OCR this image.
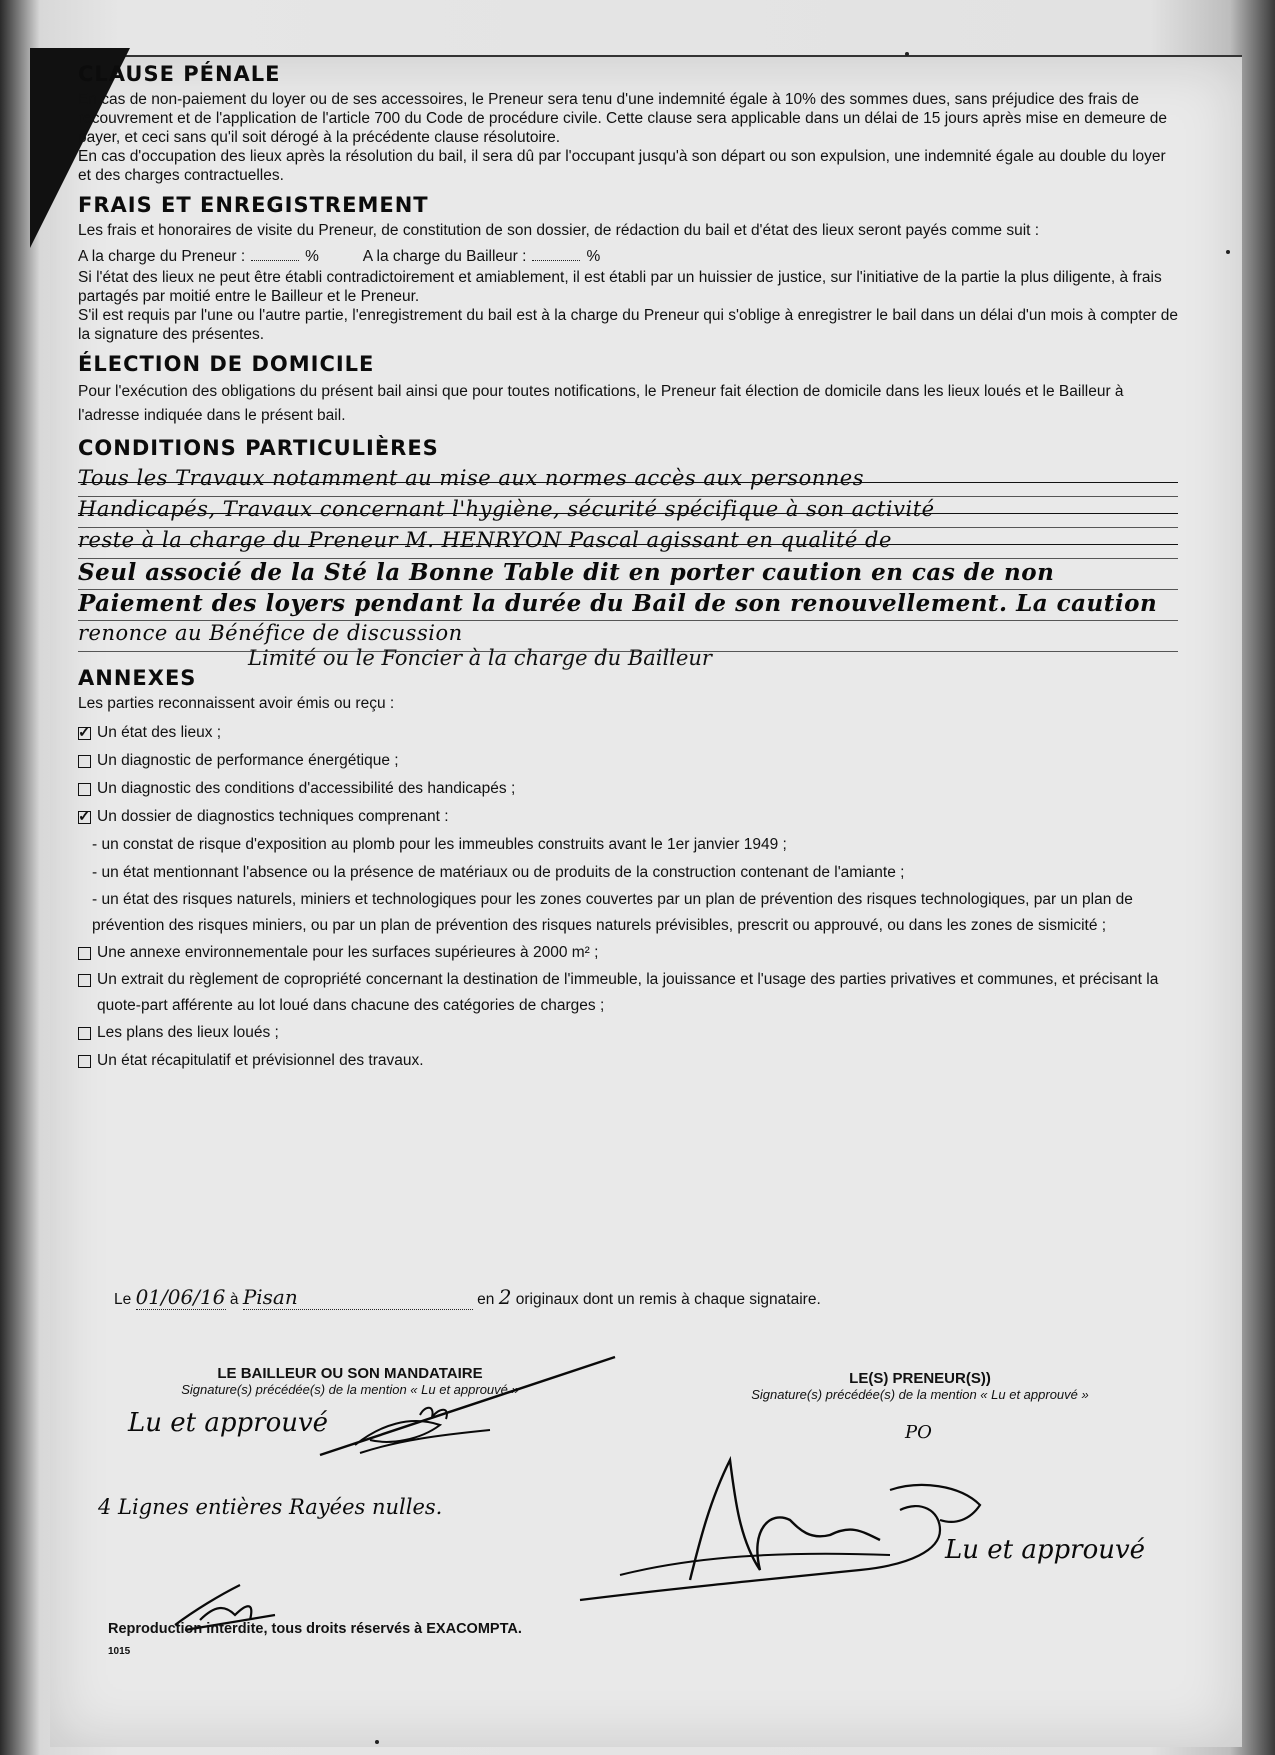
CLAUSE PÉNALE

En cas de non-paiement du loyer ou de ses accessoires, le Preneur sera tenu d'une indemnité égale à 10% des sommes dues, sans préjudice des frais de recouvrement et de l'application de l'article 700 du Code de procédure civile. Cette clause sera applicable dans un délai de 15 jours après mise en demeure de payer, et ceci sans qu'il soit dérogé à la précédente clause résolutoire.

En cas d'occupation des lieux après la résolution du bail, il sera dû par l'occupant jusqu'à son départ ou son expulsion, une indemnité égale au double du loyer et des charges contractuelles.

FRAIS ET ENREGISTREMENT

Les frais et honoraires de visite du Preneur, de constitution de son dossier, de rédaction du bail et d'état des lieux seront payés comme suit :

A la charge du Preneur :	%	A la charge du Bailleur :	%

Si l'état des lieux ne peut être établi contradictoirement et amiablement, il est établi par un huissier de justice, sur l'initiative de la partie la plus diligente, à frais partagés par moitié entre le Bailleur et le Preneur.

S'il est requis par l'une ou l'autre partie, l'enregistrement du bail est à la charge du Preneur qui s'oblige à enregistrer le bail dans un délai d'un mois à compter de la signature des présentes.

ÉLECTION DE DOMICILE

Pour l'exécution des obligations du présent bail ainsi que pour toutes notifications, le Preneur fait élection de domicile dans les lieux loués et le Bailleur à l'adresse indiquée dans le présent bail.

CONDITIONS PARTICULIÈRES
Tous les Travaux notamment au mise aux normes accès aux personnes
Handicapés, Travaux concernant l'hygiène, sécurité spécifique à son activité
reste à la charge du Preneur M. HENRYON Pascal agissant en qualité de
Seul associé de la Sté la Bonne Table dit en porter caution en cas de non
Paiement des loyers pendant la durée du Bail de son renouvellement. La caution
renonce au Bénéfice de discussion
Limité ou le Foncier à la charge du Bailleur
ANNEXES

Les parties reconnaissent avoir émis ou reçu :

✓
Un état des lieux ;
Un diagnostic de performance énergétique ;
Un diagnostic des conditions d'accessibilité des handicapés ;
✓
Un dossier de diagnostics techniques comprenant :
- un constat de risque d'exposition au plomb pour les immeubles construits avant le 1er janvier 1949 ;
- un état mentionnant l'absence ou la présence de matériaux ou de produits de la construction contenant de l'amiante ;
- un état des risques naturels, miniers et technologiques pour les zones couvertes par un plan de prévention des risques technologiques, par un plan de prévention des risques miniers, ou par un plan de prévention des risques naturels prévisibles, prescrit ou approuvé, ou dans les zones de sismicité ;
Une annexe environnementale pour les surfaces supérieures à 2000 m² ;
Un extrait du règlement de copropriété concernant la destination de l'immeuble, la jouissance et l'usage des parties privatives et communes, et précisant la quote-part afférente au lot loué dans chacune des catégories de charges ;
Les plans des lieux loués ;
Un état récapitulatif et prévisionnel des travaux.
Le 01/06/16 à Pisan	en 2 originaux dont un remis à chaque signataire.
LE BAILLEUR OU SON MANDATAIRE
Signature(s) précédée(s) de la mention « Lu et approuvé »
LE(S) PRENEUR(S))
Signature(s) précédée(s) de la mention « Lu et approuvé »
Lu et approuvé
4 Lignes entières Rayées nulles.
PO
Lu et approuvé
Reproduction interdite, tous droits réservés à EXACOMPTA.
1015
